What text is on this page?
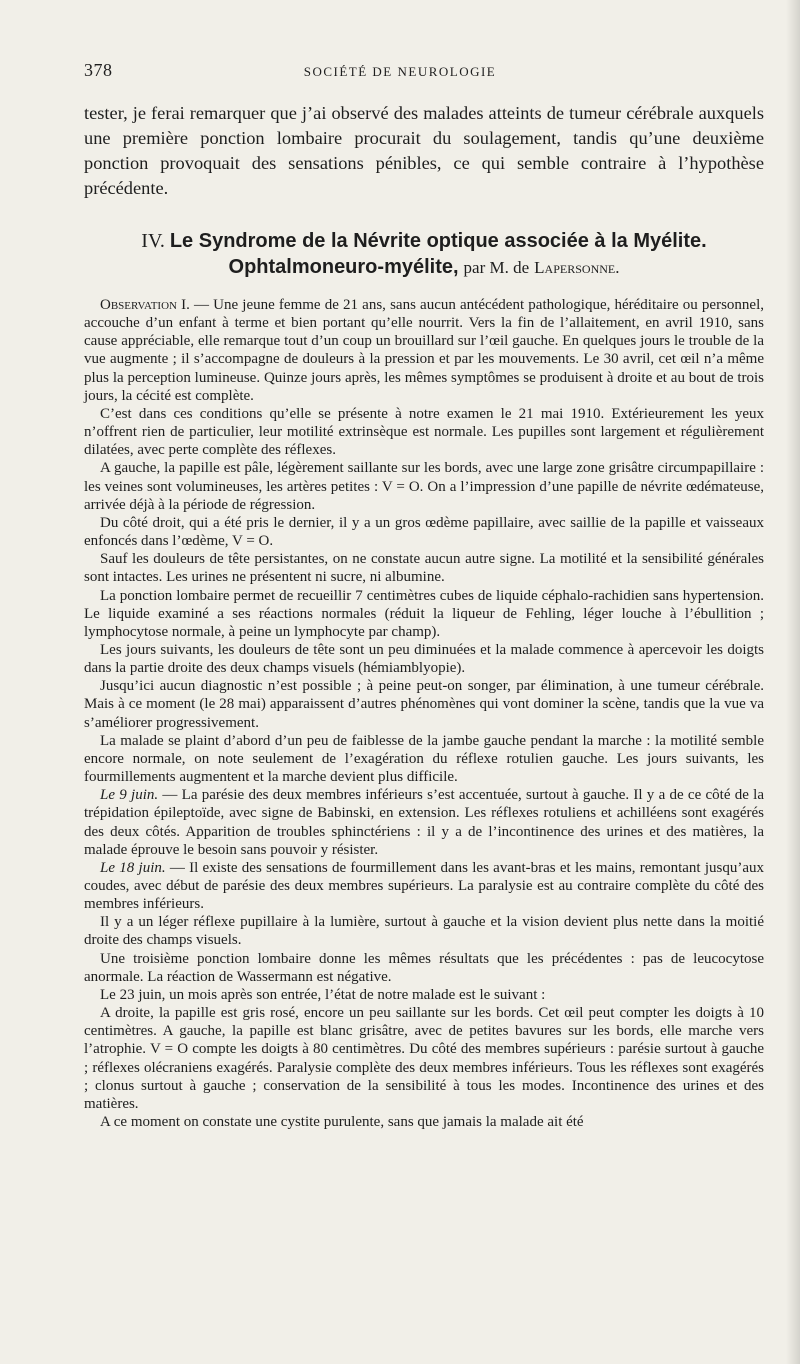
378	SOCIÉTÉ DE NEUROLOGIE

tester, je ferai remarquer que j’ai observé des malades atteints de tumeur cérébrale auxquels une première ponction lombaire procurait du soulagement, tandis qu’une deuxième ponction provoquait des sensations pénibles, ce qui semble contraire à l’hypothèse précédente.

IV. Le Syndrome de la Névrite optique associée à la Myélite.
Ophtalmoneuro-myélite, par M. de Lapersonne.

Observation I. — Une jeune femme de 21 ans, sans aucun antécédent pathologique, héréditaire ou personnel, accouche d’un enfant à terme et bien portant qu’elle nourrit. Vers la fin de l’allaitement, en avril 1910, sans cause appréciable, elle remarque tout d’un coup un brouillard sur l’œil gauche. En quelques jours le trouble de la vue augmente ; il s’accompagne de douleurs à la pression et par les mouvements. Le 30 avril, cet œil n’a même plus la perception lumineuse. Quinze jours après, les mêmes symptômes se produisent à droite et au bout de trois jours, la cécité est complète.

C’est dans ces conditions qu’elle se présente à notre examen le 21 mai 1910. Extérieurement les yeux n’offrent rien de particulier, leur motilité extrinsèque est normale. Les pupilles sont largement et régulièrement dilatées, avec perte complète des réflexes.

A gauche, la papille est pâle, légèrement saillante sur les bords, avec une large zone grisâtre circumpapillaire : les veines sont volumineuses, les artères petites : V = O. On a l’impression d’une papille de névrite œdémateuse, arrivée déjà à la période de régression.

Du côté droit, qui a été pris le dernier, il y a un gros œdème papillaire, avec saillie de la papille et vaisseaux enfoncés dans l’œdème, V = O.

Sauf les douleurs de tête persistantes, on ne constate aucun autre signe. La motilité et la sensibilité générales sont intactes. Les urines ne présentent ni sucre, ni albumine.

La ponction lombaire permet de recueillir 7 centimètres cubes de liquide céphalo-rachidien sans hypertension. Le liquide examiné a ses réactions normales (réduit la liqueur de Fehling, léger louche à l’ébullition ; lymphocytose normale, à peine un lymphocyte par champ).

Les jours suivants, les douleurs de tête sont un peu diminuées et la malade commence à apercevoir les doigts dans la partie droite des deux champs visuels (hémiamblyopie).

Jusqu’ici aucun diagnostic n’est possible ; à peine peut-on songer, par élimination, à une tumeur cérébrale. Mais à ce moment (le 28 mai) apparaissent d’autres phénomènes qui vont dominer la scène, tandis que la vue va s’améliorer progressivement.

La malade se plaint d’abord d’un peu de faiblesse de la jambe gauche pendant la marche : la motilité semble encore normale, on note seulement de l’exagération du réflexe rotulien gauche. Les jours suivants, les fourmillements augmentent et la marche devient plus difficile.

Le 9 juin. — La parésie des deux membres inférieurs s’est accentuée, surtout à gauche. Il y a de ce côté de la trépidation épileptoïde, avec signe de Babinski, en extension. Les réflexes rotuliens et achilléens sont exagérés des deux côtés. Apparition de troubles sphinctériens : il y a de l’incontinence des urines et des matières, la malade éprouve le besoin sans pouvoir y résister.

Le 18 juin. — Il existe des sensations de fourmillement dans les avant-bras et les mains, remontant jusqu’aux coudes, avec début de parésie des deux membres supérieurs. La paralysie est au contraire complète du côté des membres inférieurs.

Il y a un léger réflexe pupillaire à la lumière, surtout à gauche et la vision devient plus nette dans la moitié droite des champs visuels.

Une troisième ponction lombaire donne les mêmes résultats que les précédentes : pas de leucocytose anormale. La réaction de Wassermann est négative.

Le 23 juin, un mois après son entrée, l’état de notre malade est le suivant :

A droite, la papille est gris rosé, encore un peu saillante sur les bords. Cet œil peut compter les doigts à 10 centimètres. A gauche, la papille est blanc grisâtre, avec de petites bavures sur les bords, elle marche vers l’atrophie. V = O compte les doigts à 80 centimètres. Du côté des membres supérieurs : parésie surtout à gauche ; réflexes olécraniens exagérés. Paralysie complète des deux membres inférieurs. Tous les réflexes sont exagérés ; clonus surtout à gauche ; conservation de la sensibilité à tous les modes. Incontinence des urines et des matières.

A ce moment on constate une cystite purulente, sans que jamais la malade ait été
